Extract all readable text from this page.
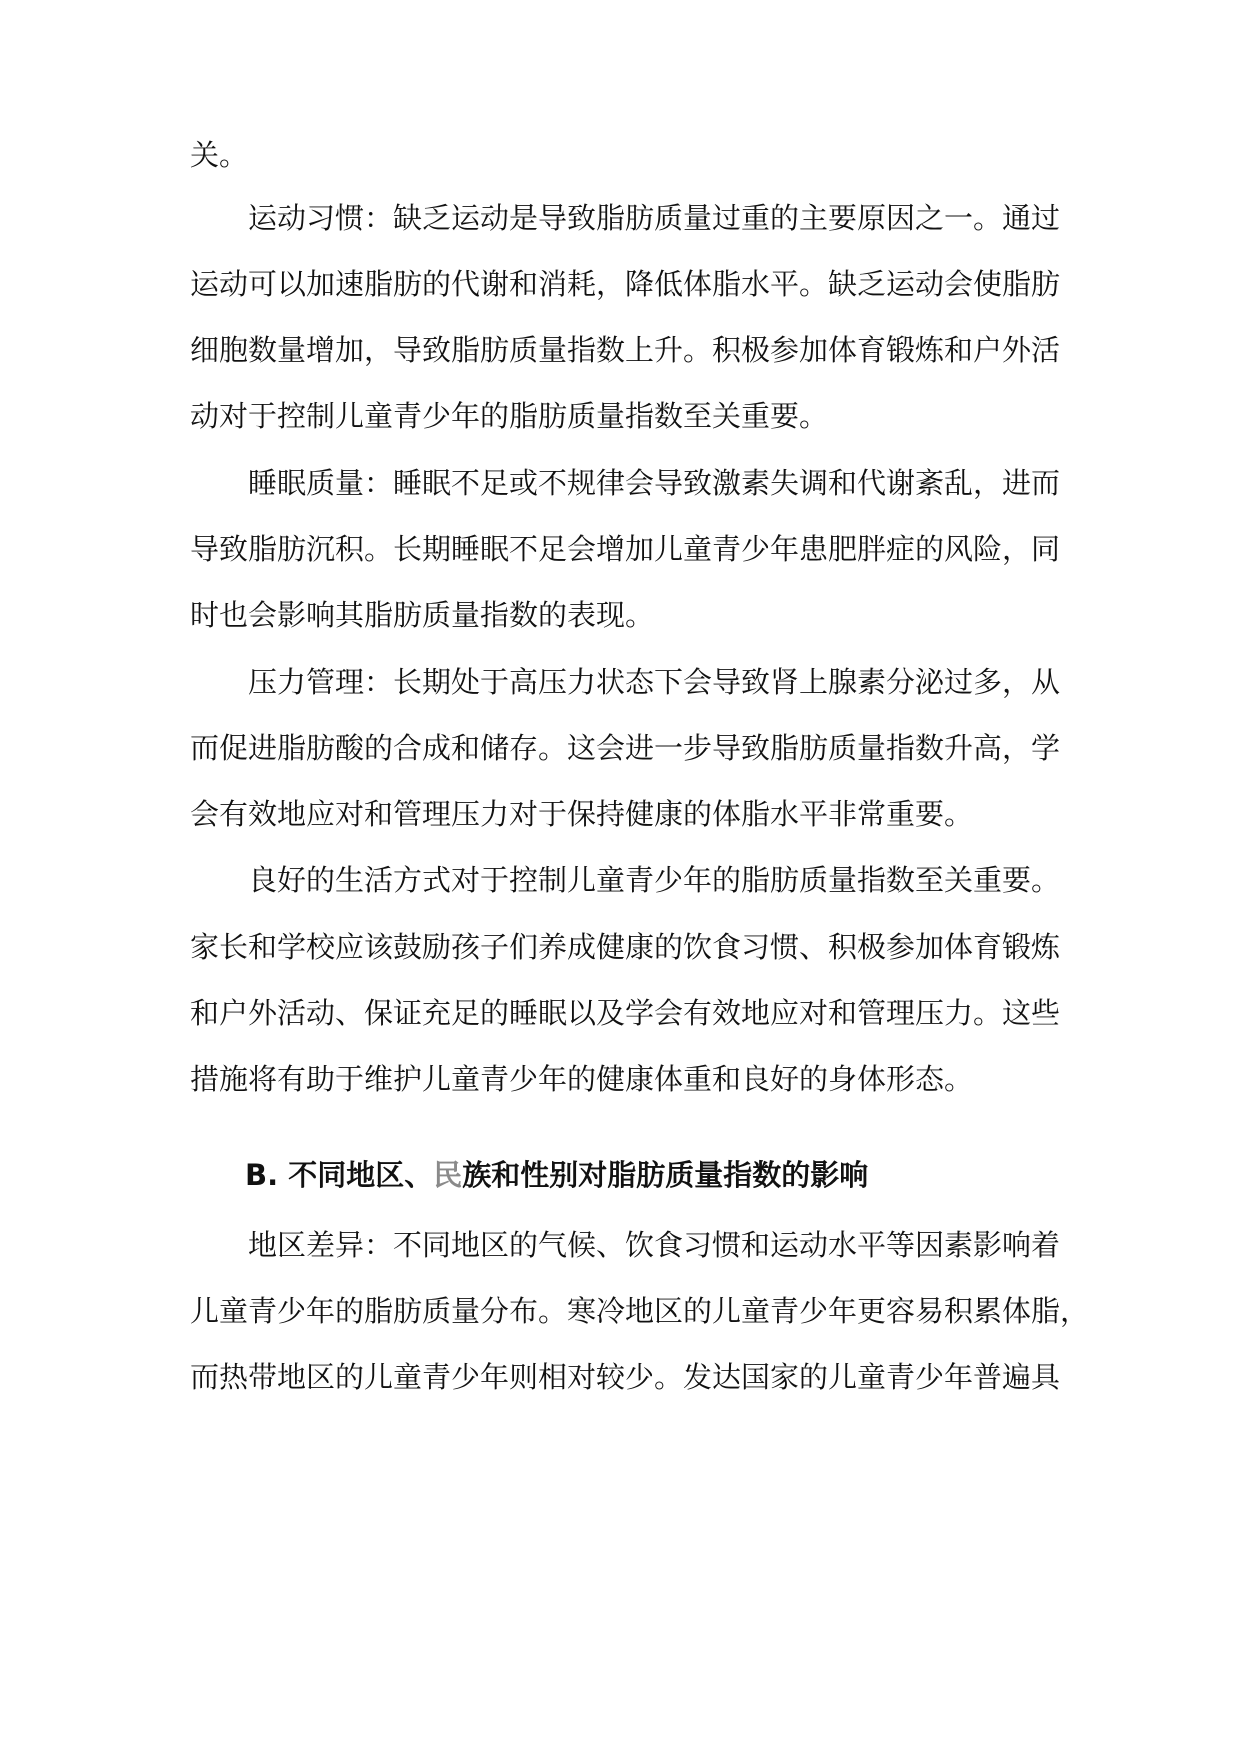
关。

　　运动习惯：缺乏运动是导致脂肪质量过重的主要原因之一。通过

运动可以加速脂肪的代谢和消耗，降低体脂水平。缺乏运动会使脂肪

细胞数量增加，导致脂肪质量指数上升。积极参加体育锻炼和户外活

动对于控制儿童青少年的脂肪质量指数至关重要。

　　睡眠质量：睡眠不足或不规律会导致激素失调和代谢紊乱，进而

导致脂肪沉积。长期睡眠不足会增加儿童青少年患肥胖症的风险，同

时也会影响其脂肪质量指数的表现。

　　压力管理：长期处于高压力状态下会导致肾上腺素分泌过多，从

而促进脂肪酸的合成和储存。这会进一步导致脂肪质量指数升高，学

会有效地应对和管理压力对于保持健康的体脂水平非常重要。

　　良好的生活方式对于控制儿童青少年的脂肪质量指数至关重要。

家长和学校应该鼓励孩子们养成健康的饮食习惯、积极参加体育锻炼

和户外活动、保证充足的睡眠以及学会有效地应对和管理压力。这些

措施将有助于维护儿童青少年的健康体重和良好的身体形态。

B. 不同地区、民族和性别对脂肪质量指数的影响

　　地区差异：不同地区的气候、饮食习惯和运动水平等因素影响着

儿童青少年的脂肪质量分布。寒冷地区的儿童青少年更容易积累体脂，

而热带地区的儿童青少年则相对较少。发达国家的儿童青少年普遍具
